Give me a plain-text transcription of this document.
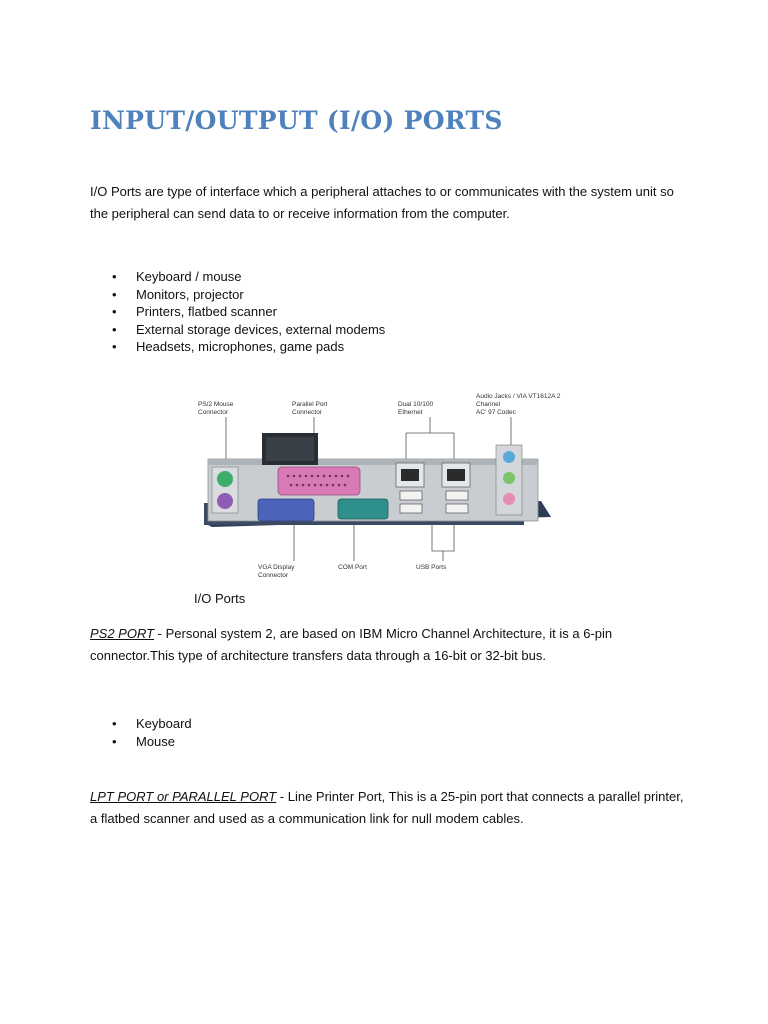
INPUT/OUTPUT (I/O) PORTS

I/O Ports are type of interface which a peripheral attaches to or communicates with the system unit so the peripheral can send data to or receive information from the computer.

• Keyboard / mouse
• Monitors, projector
• Printers, flatbed scanner
• External storage devices, external modems
• Headsets, microphones, game pads
PS/2 Mouse
Connector
Parallel Port
Connector
Dual 10/100
Ethernet
Audio Jacks / VIA VT1612A 2
Channel
AC' 97 Codec
VGA Display
Connector
COM Port	USB Ports

I/O Ports

PS2 PORT - Personal system 2, are based on IBM Micro Channel Architecture, it is a 6-pin connector.This type of architecture transfers data through a 16-bit or 32-bit bus.

• Keyboard
• Mouse

LPT PORT or PARALLEL PORT - Line Printer Port, This is a 25-pin port that connects a parallel printer, a flatbed scanner and used as a communication link for null modem cables.
